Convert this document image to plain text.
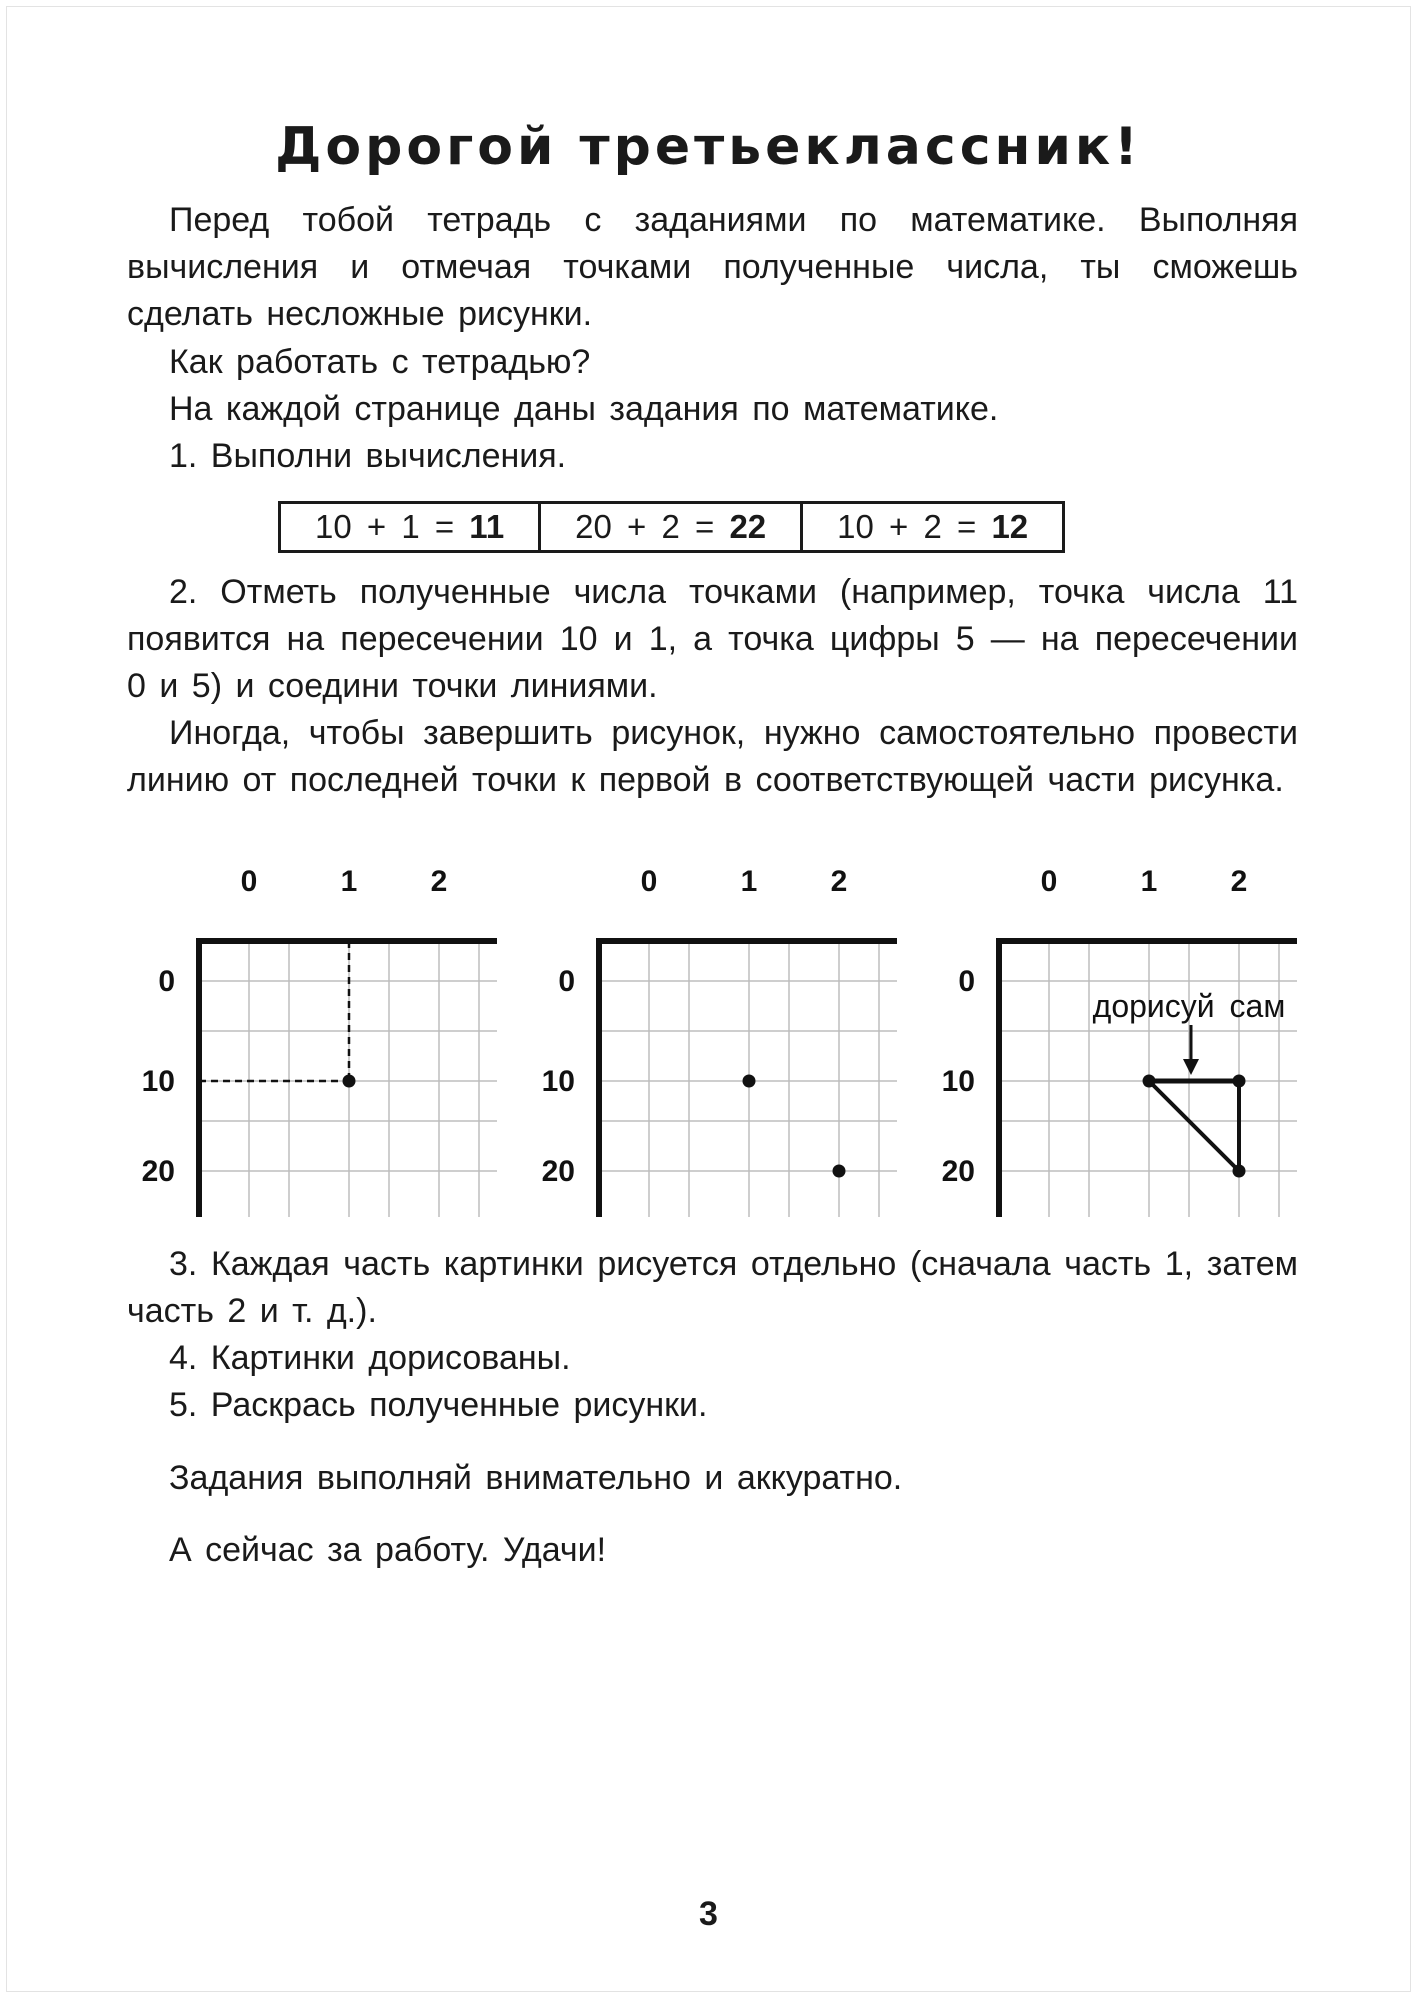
Дорогой третьеклассник!

Перед тобой тетрадь с заданиями по математике. Выполняя вычисления и отмечая точками полученные числа, ты сможешь сделать несложные рисунки.

Как работать с тетрадью?
На каждой странице даны задания по математике.
1. Выполни вычисления.
10 + 1 = 11	20 + 2 = 22	10 + 2 = 12

2. Отметь полученные числа точками (например, точка числа 11 появится на пересечении 10 и 1, а точка цифры 5 — на пересечении 0 и 5) и соедини точки линиями.

Иногда, чтобы завершить рисунок, нужно самостоятельно провести линию от последней точки к первой в соответствующей части рисунка.

0	1 2
0
10
20
0	1 2
0
10
20
0	1 2
0
10
20
дорисуй сам

3. Каждая часть картинки рисуется отдельно (сначала часть 1, затем часть 2 и т. д.).

4. Картинки дорисованы.
5. Раскрась полученные рисунки.
Задания выполняй внимательно и аккуратно.
А сейчас за работу. Удачи!
3
